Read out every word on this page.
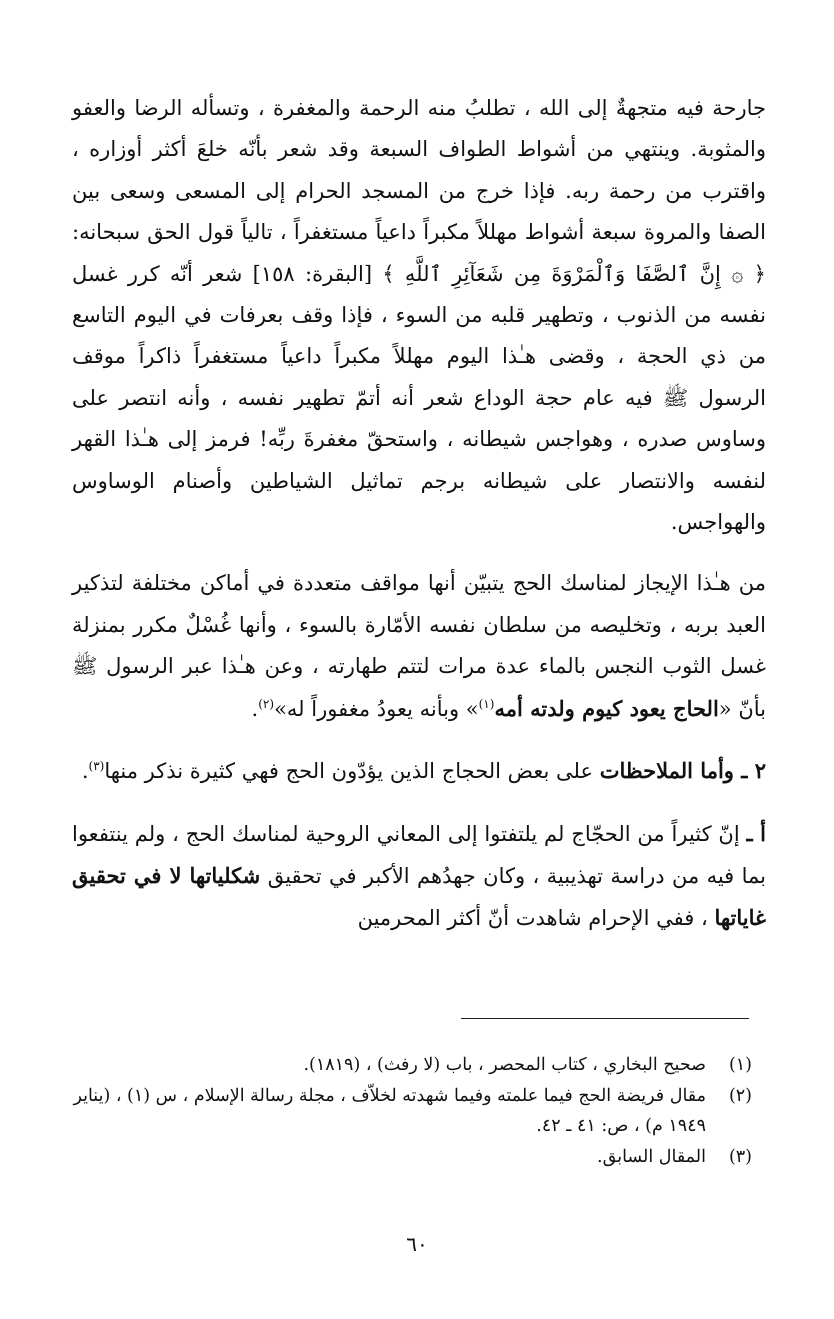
جارحة فيه متجهةٌ إلى الله ، تطلبُ منه الرحمة والمغفرة ، وتسأله الرضا والعفو والمثوبة. وينتهي من أشواط الطواف السبعة وقد شعر بأنّه خلعَ أكثر أوزاره ، واقترب من رحمة ربه. فإذا خرج من المسجد الحرام إلى المسعى وسعى بين الصفا والمروة سبعة أشواط مهللاً مكبراً داعياً مستغفراً ، تالياً قول الحق سبحانه: ﴿ ۞ إِنَّ ٱلصَّفَا وَٱلْمَرْوَةَ مِن شَعَآئِرِ ٱللَّهِ ﴾ [البقرة: ١٥٨] شعر أنّه كرر غسل نفسه من الذنوب ، وتطهير قلبه من السوء ، فإذا وقف بعرفات في اليوم التاسع من ذي الحجة ، وقضى هـٰذا اليوم مهللاً مكبراً داعياً مستغفراً ذاكراً موقف الرسول ﷺ فيه عام حجة الوداع شعر أنه أتمّ تطهير نفسه ، وأنه انتصر على وساوس صدره ، وهواجس شيطانه ، واستحقّ مغفرةَ ربِّه! فرمز إلى هـٰذا القهر لنفسه والانتصار على شيطانه برجم تماثيل الشياطين وأصنام الوساوس والهواجس.

من هـٰذا الإيجاز لمناسك الحج يتبيّن أنها مواقف متعددة في أماكن مختلفة لتذكير العبد بربه ، وتخليصه من سلطان نفسه الأمّارة بالسوء ، وأنها غُسْلٌ مكرر بمنزلة غسل الثوب النجس بالماء عدة مرات لتتم طهارته ، وعن هـٰذا عبر الرسول ﷺ بأنّ «الحاج يعود كيوم ولدته أمه$^{(١)}$» وبأنه يعودُ مغفوراً له»$^{(٢)}$.

٢ ـ وأما الملاحظات على بعض الحجاج الذين يؤدّون الحج فهي كثيرة نذكر منها$^{(٣)}$.

أ ـ إنّ كثيراً من الحجّاج لم يلتفتوا إلى المعاني الروحية لمناسك الحج ، ولم ينتفعوا بما فيه من دراسة تهذيبية ، وكان جهدُهم الأكبر في تحقيق شكلياتها لا في تحقيق غاياتها ، ففي الإحرام شاهدت أنّ أكثر المحرمين

(١)
صحيح البخاري ، كتاب المحصر ، باب (لا رفث) ، (١٨١٩).
(٢)
مقال فريضة الحج فيما علمته وفيما شهدته لخلاّف ، مجلة رسالة الإسلام ، س (١) ، (يناير ١٩٤٩ م) ، ص: ٤١ ـ ٤٢.
(٣)
المقال السابق.
٦٠
